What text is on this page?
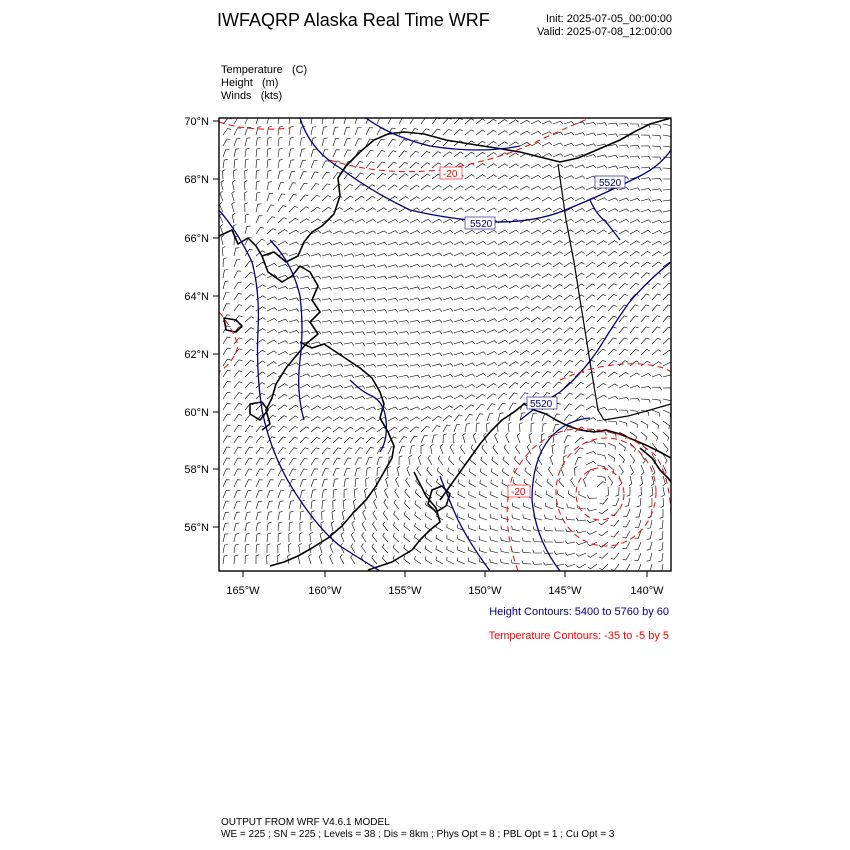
IWFAQRP Alaska Real Time WRF	Init: 2025-07-05_00:00:00
Valid: 2025-07-08_12:00:00
Temperature (C)
Height (m)
Winds (kts)
5520
5520
5520
-20
-20
70°N
68°N
66°N
64°N
62°N
60°N
58°N
56°N
165°W	160°W	155°W	150°W	145°W	140°W
Height Contours: 5400 to 5760 by 60
Temperature Contours: -35 to -5 by 5
OUTPUT FROM WRF V4.6.1 MODEL
WE = 225 ; SN = 225 ; Levels = 38 ; Dis = 8km ; Phys Opt = 8 ; PBL Opt = 1 ; Cu Opt = 3
